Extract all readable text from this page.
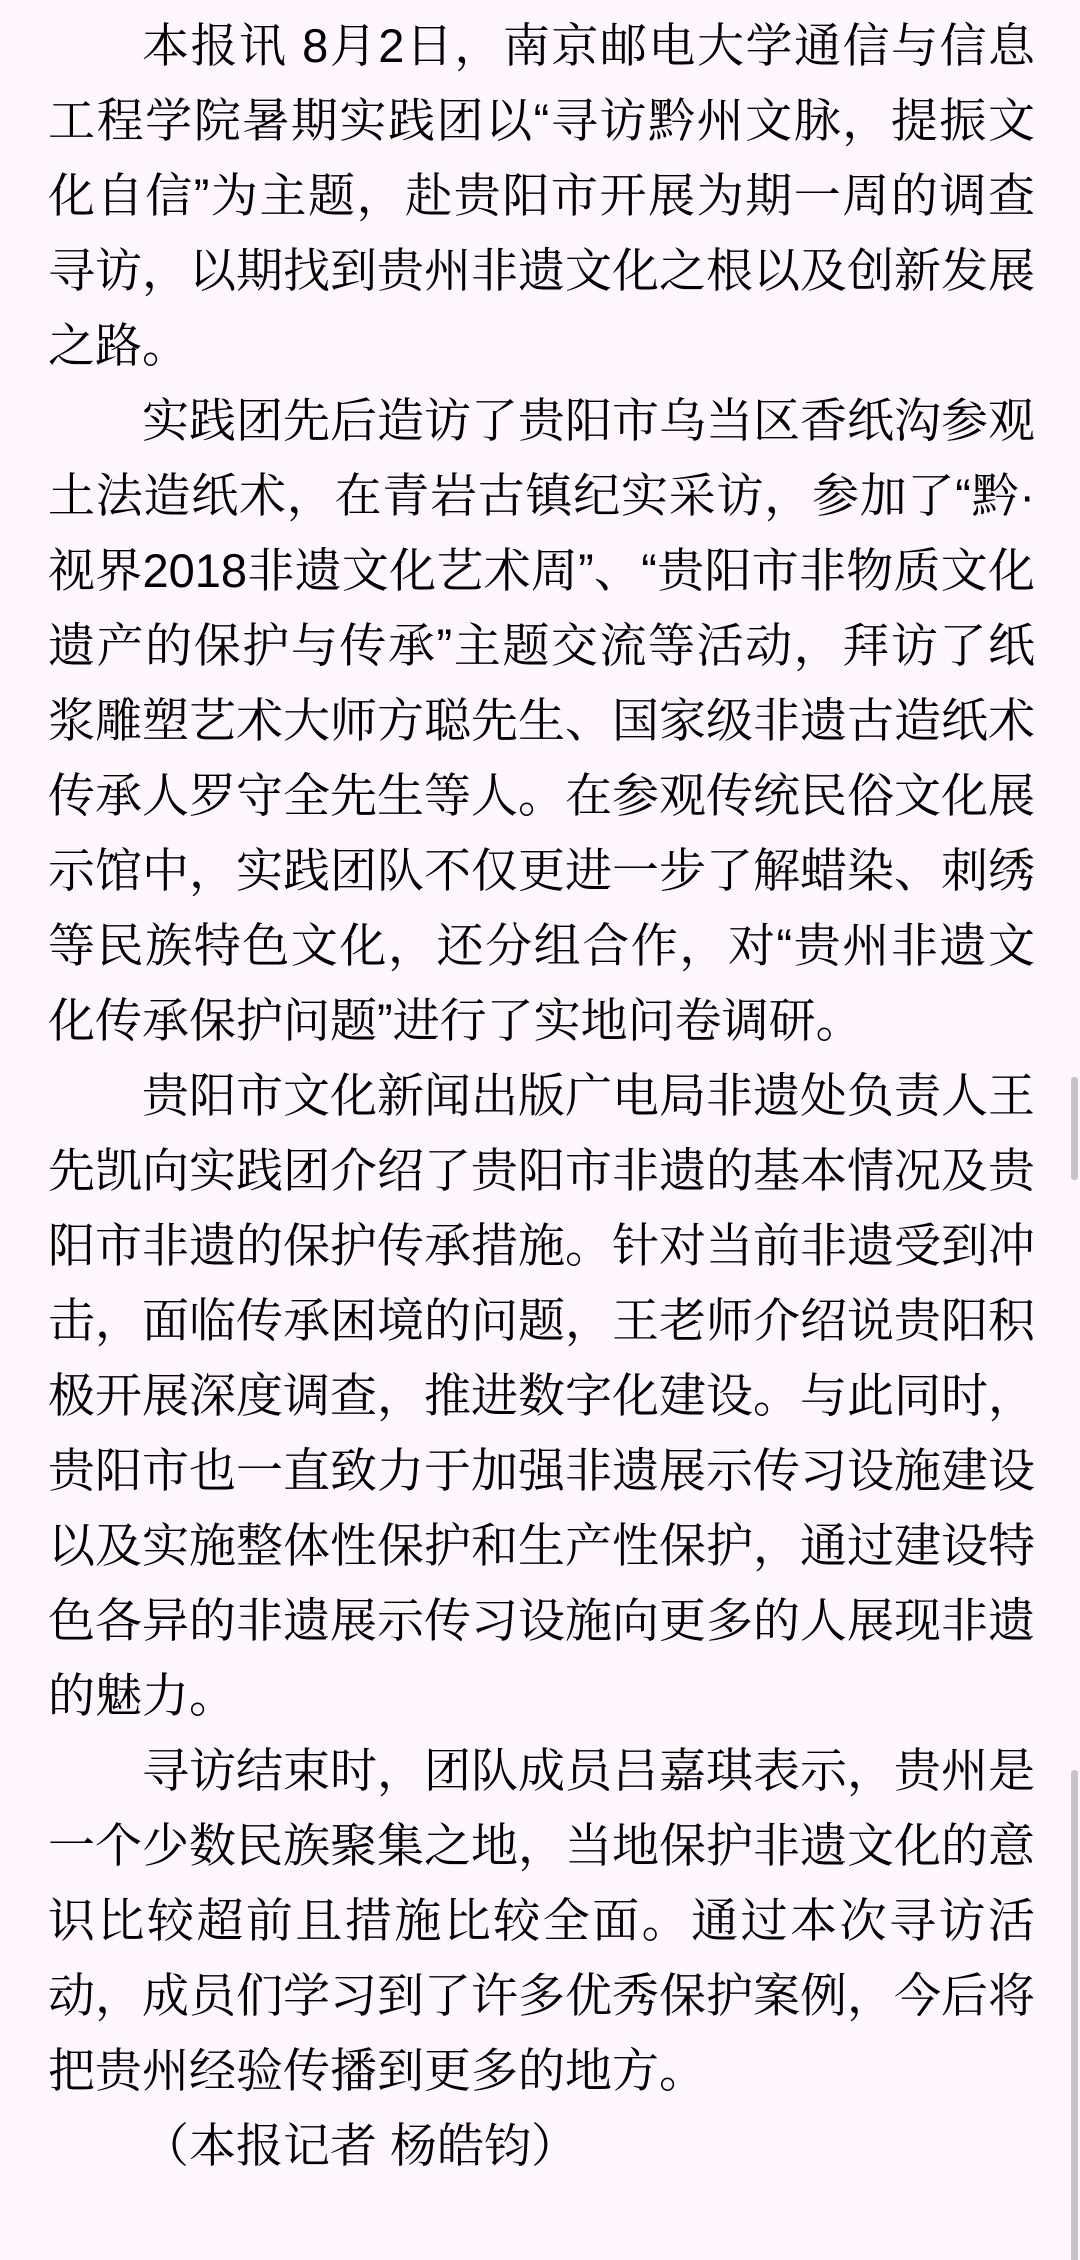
本报讯 8月2日，南京邮电大学通信与信息工程学院暑期实践团以“寻访黔州文脉，提振文化自信”为主题，赴贵阳市开展为期一周的调查寻访，以期找到贵州非遗文化之根以及创新发展之路。

实践团先后造访了贵阳市乌当区香纸沟参观土法造纸术，在青岩古镇纪实采访，参加了“黔·视界2018非遗文化艺术周”、“贵阳市非物质文化遗产的保护与传承”主题交流等活动，拜访了纸浆雕塑艺术大师方聪先生、国家级非遗古造纸术传承人罗守全先生等人。在参观传统民俗文化展示馆中，实践团队不仅更进一步了解蜡染、刺绣等民族特色文化，还分组合作，对“贵州非遗文化传承保护问题”进行了实地问卷调研。

贵阳市文化新闻出版广电局非遗处负责人王先凯向实践团介绍了贵阳市非遗的基本情况及贵阳市非遗的保护传承措施。针对当前非遗受到冲击，面临传承困境的问题，王老师介绍说贵阳积极开展深度调查，推进数字化建设。与此同时，贵阳市也一直致力于加强非遗展示传习设施建设以及实施整体性保护和生产性保护，通过建设特色各异的非遗展示传习设施向更多的人展现非遗的魅力。

寻访结束时，团队成员吕嘉琪表示，贵州是一个少数民族聚集之地，当地保护非遗文化的意识比较超前且措施比较全面。通过本次寻访活动，成员们学习到了许多优秀保护案例，今后将把贵州经验传播到更多的地方。

（本报记者 杨皓钧）
